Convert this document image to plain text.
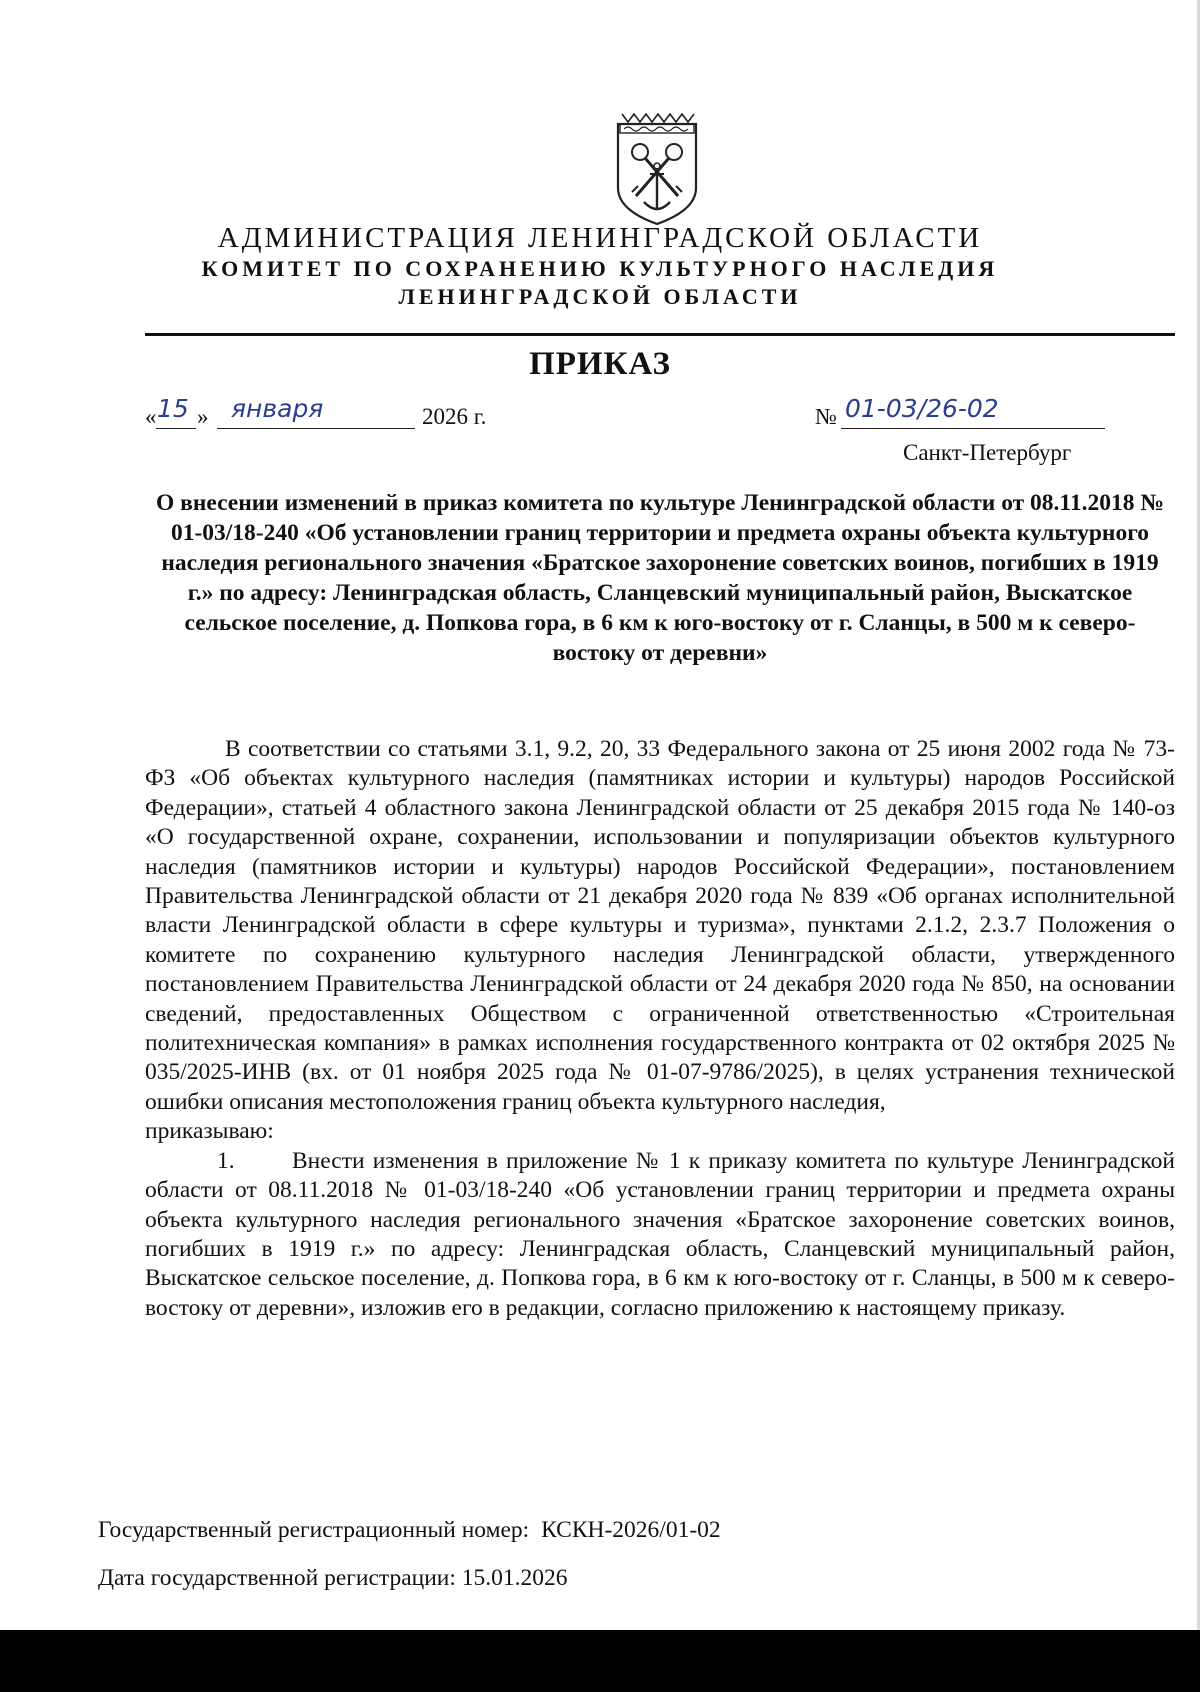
АДМИНИСТРАЦИЯ ЛЕНИНГРАДСКОЙ ОБЛАСТИ
КОМИТЕТ ПО СОХРАНЕНИЮ КУЛЬТУРНОГО НАСЛЕДИЯ
ЛЕНИНГРАДСКОЙ ОБЛАСТИ
ПРИКАЗ
« 15 » января	2026 г.	№ 01-03/26-02
Санкт-Петербург
О внесении изменений в приказ комитета по культуре Ленинградской области от 08.11.2018 № 01-03/18-240 «Об установлении границ территории и предмета охраны объекта культурного наследия регионального значения «Братское захоронение советских воинов, погибших в 1919 г.» по адресу: Ленинградская область, Сланцевский муниципальный район, Выскатское сельское поселение, д. Попкова гора, в 6 км к юго-востоку от г. Сланцы, в 500 м к северо-востоку от деревни»

В соответствии со статьями 3.1, 9.2, 20, 33 Федерального закона от 25 июня 2002 года № 73-ФЗ «Об объектах культурного наследия (памятниках истории и культуры) народов Российской Федерации», статьей 4 областного закона Ленинградской области от 25 декабря 2015 года № 140-оз «О государственной охране, сохранении, использовании и популяризации объектов культурного наследия (памятников истории и культуры) народов Российской Федерации», постановлением Правительства Ленинградской области от 21 декабря 2020 года № 839 «Об органах исполнительной власти Ленинградской области в сфере культуры и туризма», пунктами 2.1.2, 2.3.7 Положения о комитете по сохранению культурного наследия Ленинградской области, утвержденного постановлением Правительства Ленинградской области от 24 декабря 2020 года № 850, на основании сведений, предоставленных Обществом с ограниченной ответственностью «Строительная политехническая компания» в рамках исполнения государственного контракта от 02 октября 2025 № 035/2025-ИНВ (вх. от 01 ноября 2025 года № 01-07-9786/2025), в целях устранения технической ошибки описания местоположения границ объекта культурного наследия,

приказываю:

1. Внести изменения в приложение № 1 к приказу комитета по культуре Ленинградской области от 08.11.2018 № 01-03/18-240 «Об установлении границ территории и предмета охраны объекта культурного наследия регионального значения «Братское захоронение советских воинов, погибших в 1919 г.» по адресу: Ленинградская область, Сланцевский муниципальный район, Выскатское сельское поселение, д. Попкова гора, в 6 км к юго-востоку от г. Сланцы, в 500 м к северо-востоку от деревни», изложив его в редакции, согласно приложению к настоящему приказу.

Государственный регистрационный номер: КСКН-2026/01-02
Дата государственной регистрации: 15.01.2026
